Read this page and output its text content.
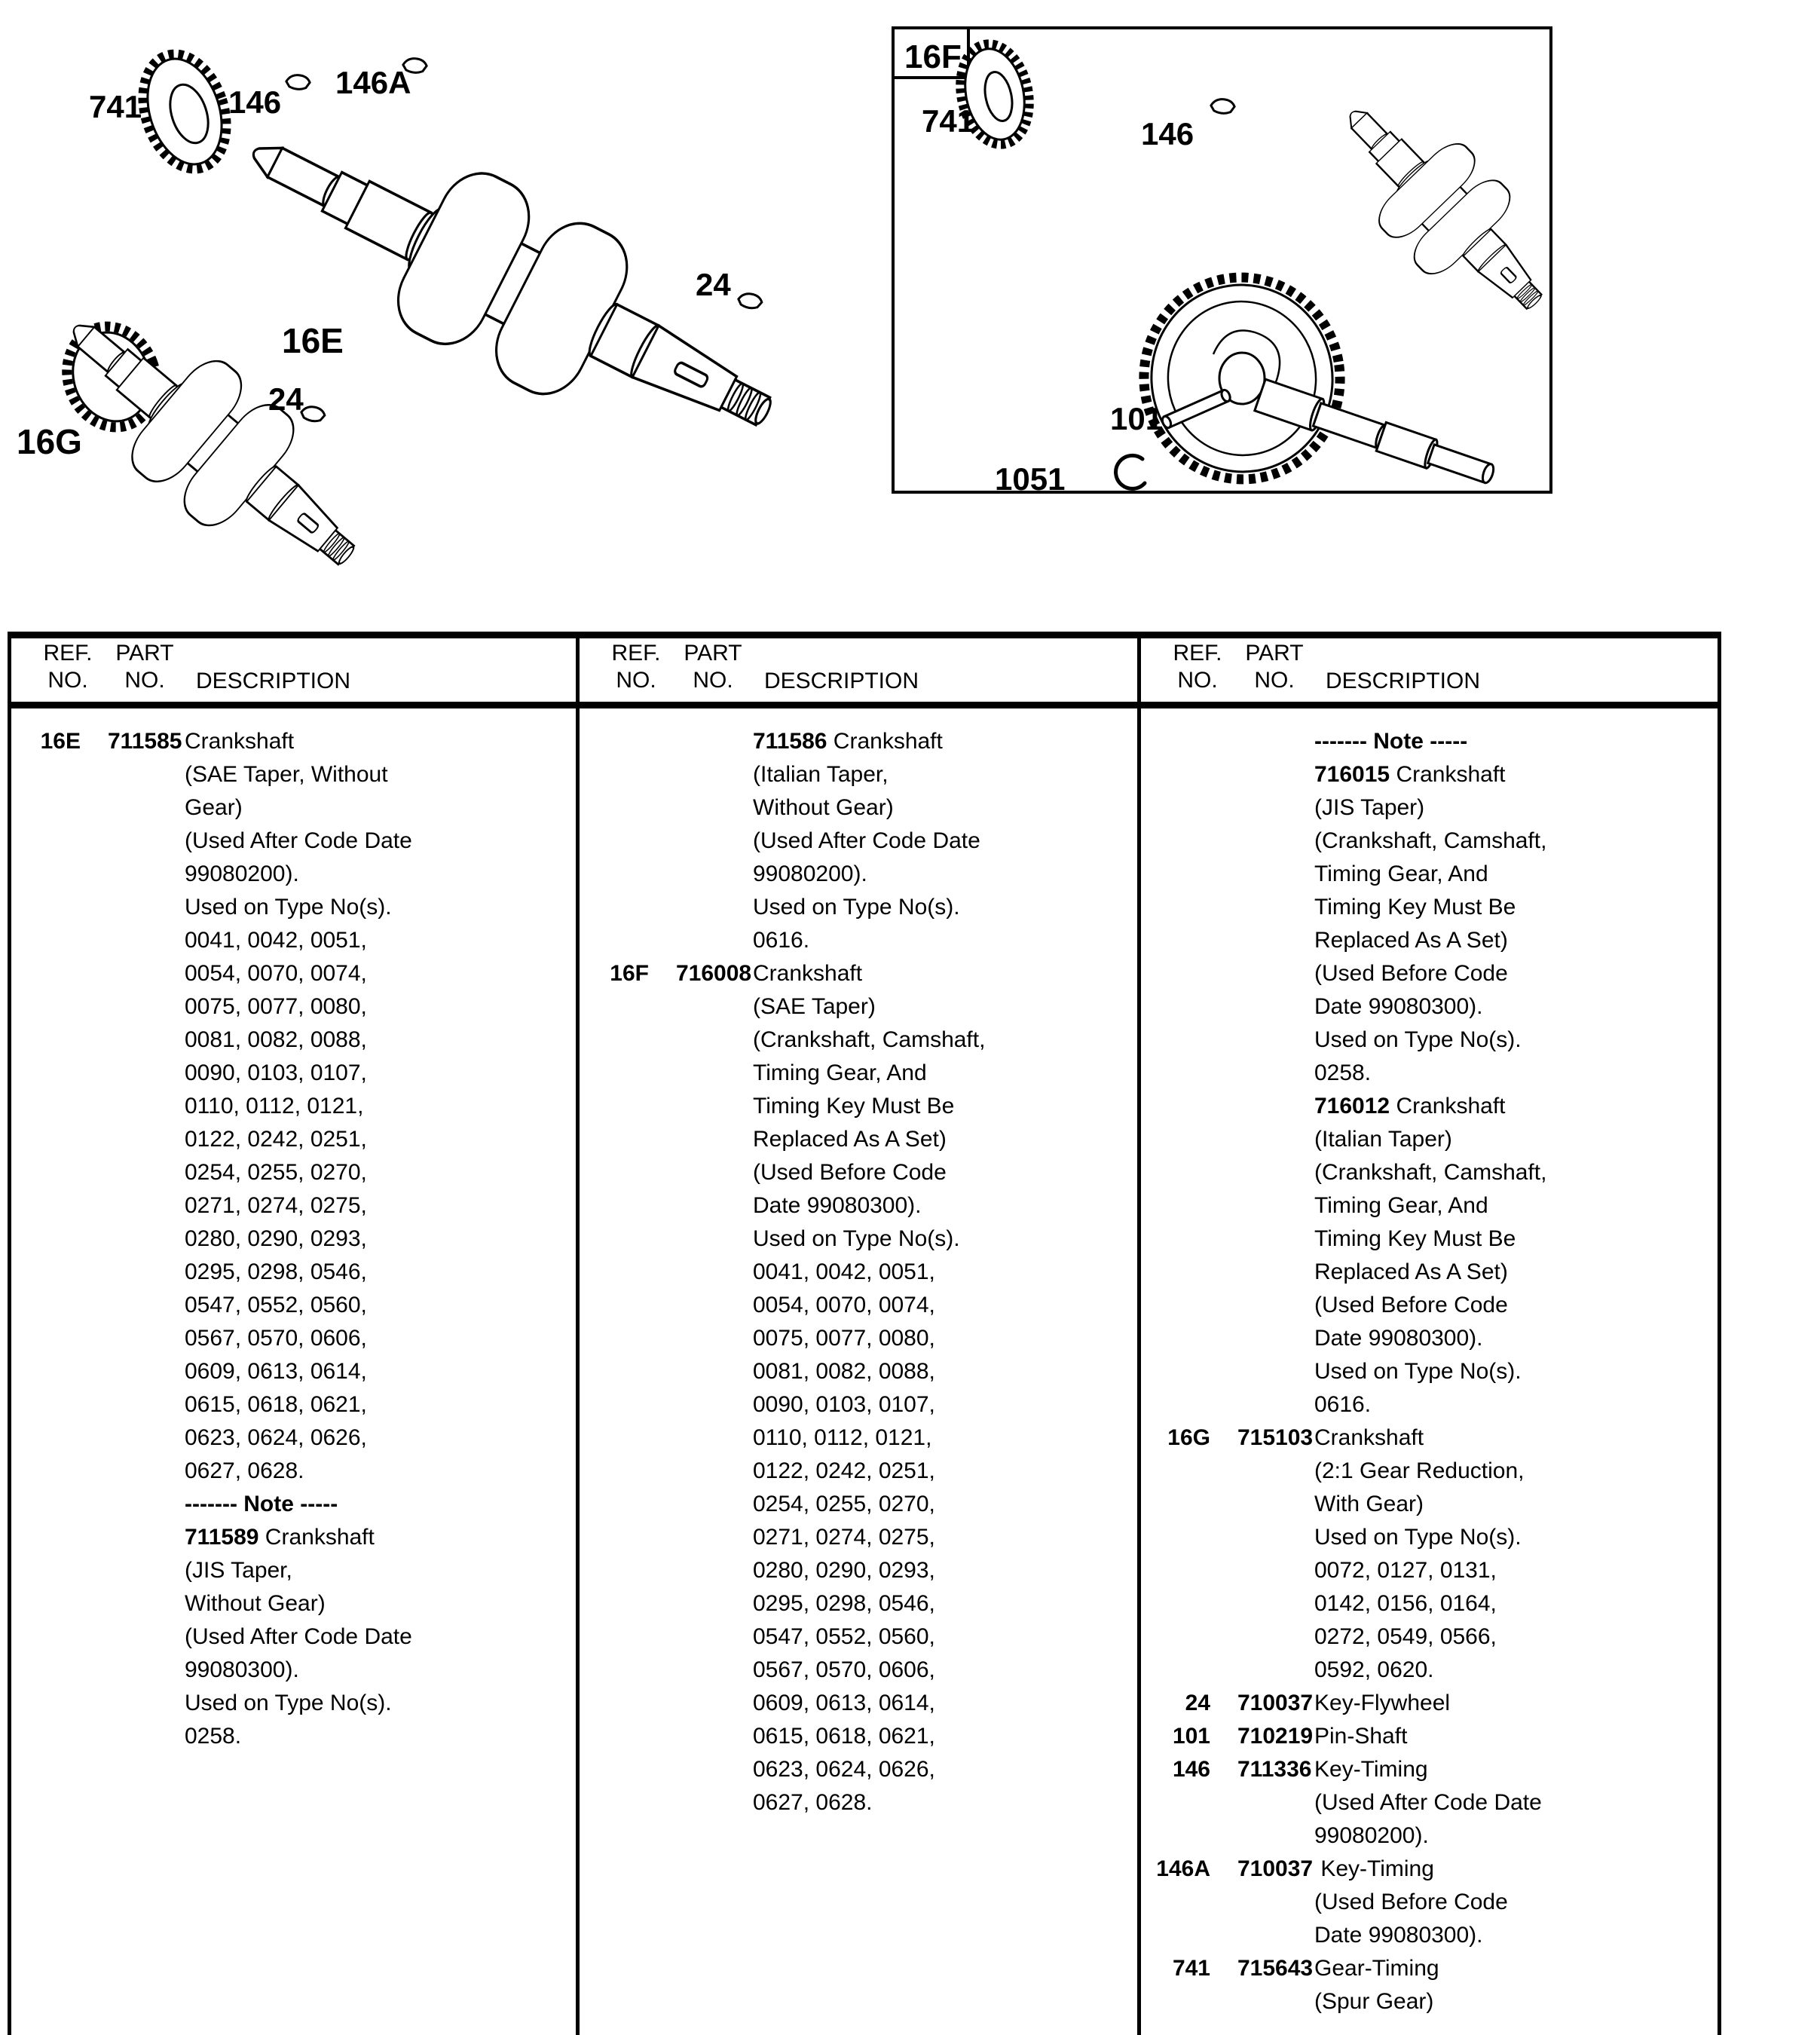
741	146
146A
24
16E
24
16G
16F
741	146
101
1051
REF.
NO.
PART
NO.	DESCRIPTION
16E 711585 Crankshaft
(SAE Taper, Without
Gear)
(Used After Code Date
99080200).
Used on Type No(s).
0041, 0042, 0051,
0054, 0070, 0074,
0075, 0077, 0080,
0081, 0082, 0088,
0090, 0103, 0107,
0110, 0112, 0121,
0122, 0242, 0251,
0254, 0255, 0270,
0271, 0274, 0275,
0280, 0290, 0293,
0295, 0298, 0546,
0547, 0552, 0560,
0567, 0570, 0606,
0609, 0613, 0614,
0615, 0618, 0621,
0623, 0624, 0626,
0627, 0628.
------- Note -----
711589 Crankshaft
(JIS Taper,
Without Gear)
(Used After Code Date
99080300).
Used on Type No(s).
0258.
REF.
NO.
PART
NO.	DESCRIPTION
711586 Crankshaft
(Italian Taper,
Without Gear)
(Used After Code Date
99080200).
Used on Type No(s).
0616.
16F 716008 Crankshaft
(SAE Taper)
(Crankshaft, Camshaft,
Timing Gear, And
Timing Key Must Be
Replaced As A Set)
(Used Before Code
Date 99080300).
Used on Type No(s).
0041, 0042, 0051,
0054, 0070, 0074,
0075, 0077, 0080,
0081, 0082, 0088,
0090, 0103, 0107,
0110, 0112, 0121,
0122, 0242, 0251,
0254, 0255, 0270,
0271, 0274, 0275,
0280, 0290, 0293,
0295, 0298, 0546,
0547, 0552, 0560,
0567, 0570, 0606,
0609, 0613, 0614,
0615, 0618, 0621,
0623, 0624, 0626,
0627, 0628.
REF.
NO.
PART
NO.	DESCRIPTION
------- Note -----
716015 Crankshaft
(JIS Taper)
(Crankshaft, Camshaft,
Timing Gear, And
Timing Key Must Be
Replaced As A Set)
(Used Before Code
Date 99080300).
Used on Type No(s).
0258.
716012 Crankshaft
(Italian Taper)
(Crankshaft, Camshaft,
Timing Gear, And
Timing Key Must Be
Replaced As A Set)
(Used Before Code
Date 99080300).
Used on Type No(s).
0616.
16G 715103 Crankshaft
(2:1 Gear Reduction,
With Gear)
Used on Type No(s).
0072, 0127, 0131,
0142, 0156, 0164,
0272, 0549, 0566,
0592, 0620.
24 710037 Key-Flywheel
101 710219 Pin-Shaft
146 711336 Key-Timing
(Used After Code Date
99080200).
146A 710037 Key-Timing
(Used Before Code
Date 99080300).
741 715643 Gear-Timing
(Spur Gear)
